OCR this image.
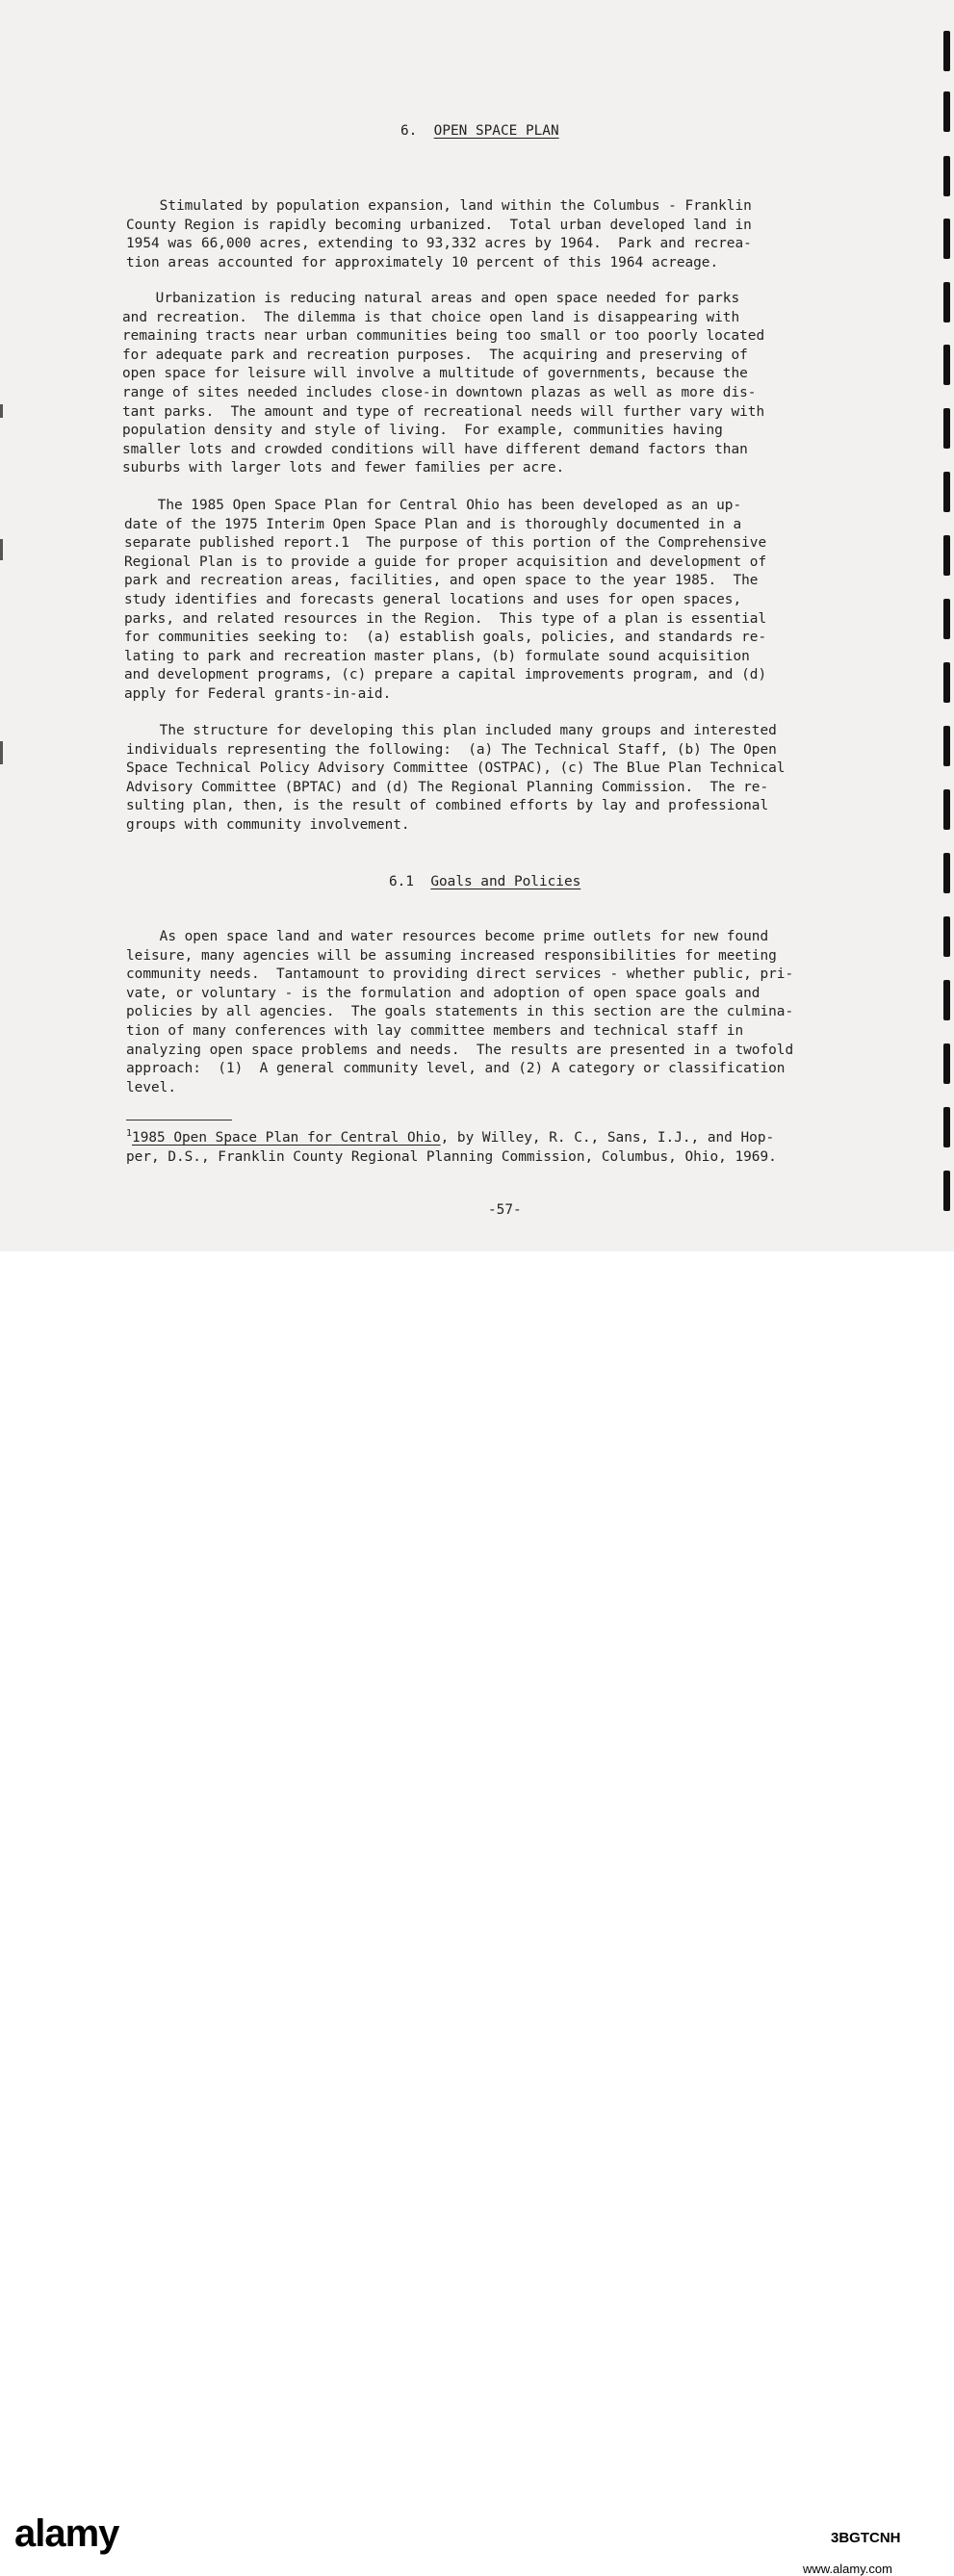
6. OPEN SPACE PLAN
Stimulated by population expansion, land within the Columbus - Franklin
County Region is rapidly becoming urbanized.  Total urban developed land in
1954 was 66,000 acres, extending to 93,332 acres by 1964.  Park and recrea-
tion areas accounted for approximately 10 percent of this 1964 acreage.
Urbanization is reducing natural areas and open space needed for parks
and recreation.  The dilemma is that choice open land is disappearing with
remaining tracts near urban communities being too small or too poorly located
for adequate park and recreation purposes.  The acquiring and preserving of
open space for leisure will involve a multitude of governments, because the
range of sites needed includes close-in downtown plazas as well as more dis-
tant parks.  The amount and type of recreational needs will further vary with
population density and style of living.  For example, communities having
smaller lots and crowded conditions will have different demand factors than
suburbs with larger lots and fewer families per acre.
The 1985 Open Space Plan for Central Ohio has been developed as an up-
date of the 1975 Interim Open Space Plan and is thoroughly documented in a
separate published report.1  The purpose of this portion of the Comprehensive
Regional Plan is to provide a guide for proper acquisition and development of
park and recreation areas, facilities, and open space to the year 1985.  The
study identifies and forecasts general locations and uses for open spaces,
parks, and related resources in the Region.  This type of a plan is essential
for communities seeking to:  (a) establish goals, policies, and standards re-
lating to park and recreation master plans, (b) formulate sound acquisition
and development programs, (c) prepare a capital improvements program, and (d)
apply for Federal grants-in-aid.
The structure for developing this plan included many groups and interested
individuals representing the following:  (a) The Technical Staff, (b) The Open
Space Technical Policy Advisory Committee (OSTPAC), (c) The Blue Plan Technical
Advisory Committee (BPTAC) and (d) The Regional Planning Commission.  The re-
sulting plan, then, is the result of combined efforts by lay and professional
groups with community involvement.
6.1 Goals and Policies
As open space land and water resources become prime outlets for new found
leisure, many agencies will be assuming increased responsibilities for meeting
community needs.  Tantamount to providing direct services - whether public, pri-
vate, or voluntary - is the formulation and adoption of open space goals and
policies by all agencies.  The goals statements in this section are the culmina-
tion of many conferences with lay committee members and technical staff in
analyzing open space problems and needs.  The results are presented in a twofold
approach:  (1)  A general community level, and (2) A category or classification
level.
$^1$1985 Open Space Plan for Central Ohio, by Willey, R. C., Sans, I.J., and Hop-
per, D.S., Franklin County Regional Planning Commission, Columbus, Ohio, 1969.
-57-
alamy	3BGTCNH
www.alamy.com
